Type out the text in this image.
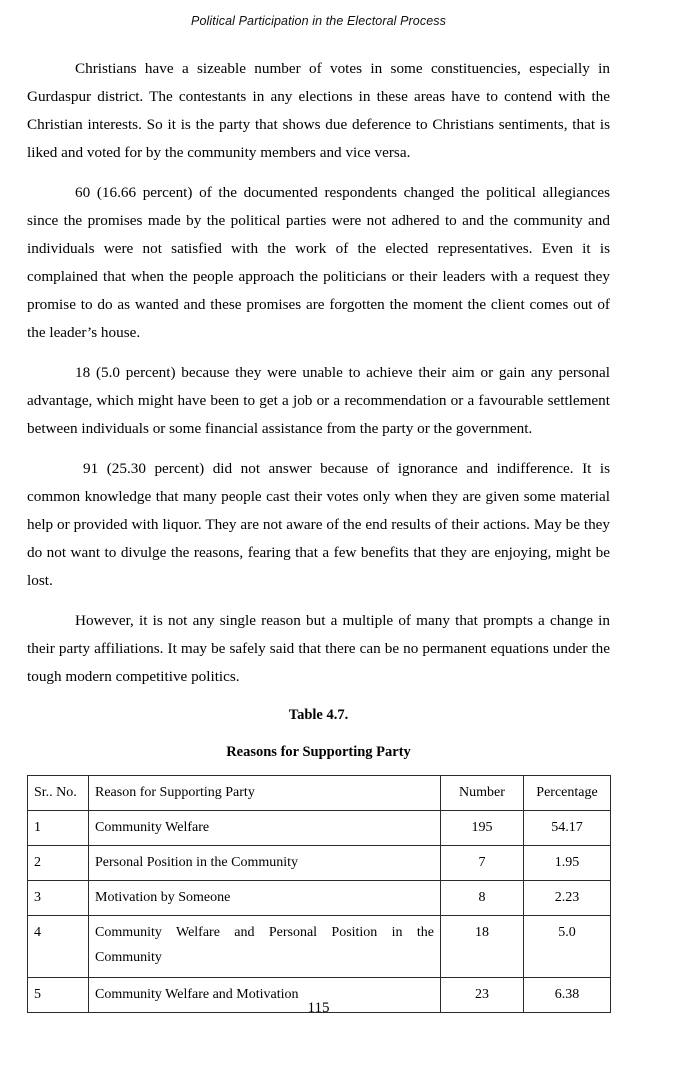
Political Participation in the Electoral Process

Christians have a sizeable number of votes in some constituencies, especially in Gurdaspur district. The contestants in any elections in these areas have to contend with the Christian interests. So it is the party that shows due deference to Christians sentiments, that is liked and voted for by the community members and vice versa.

60 (16.66 percent) of the documented respondents changed the political allegiances since the promises made by the political parties were not adhered to and the community and individuals were not satisfied with the work of the elected representatives. Even it is complained that when the people approach the politicians or their leaders with a request they promise to do as wanted and these promises are forgotten the moment the client comes out of the leader’s house.

18 (5.0 percent) because they were unable to achieve their aim or gain any personal advantage, which might have been to get a job or a recommendation or a favourable settlement between individuals or some financial assistance from the party or the government.

91 (25.30 percent) did not answer because of ignorance and indifference. It is common knowledge that many people cast their votes only when they are given some material help or provided with liquor. They are not aware of the end results of their actions. May be they do not want to divulge the reasons, fearing that a few benefits that they are enjoying, might be lost.

However, it is not any single reason but a multiple of many that prompts a change in their party affiliations. It may be safely said that there can be no permanent equations under the tough modern competitive politics.

Table 4.7.
Reasons for Supporting Party
Sr.. No.	Reason for Supporting Party	Number	Percentage
1	Community Welfare	195	54.17
2	Personal Position in the Community	7	1.95
3	Motivation by Someone	8	2.23
4	Community Welfare and Personal Position in the Community	18	5.0
5	Community Welfare and Motivation	23	6.38
115
